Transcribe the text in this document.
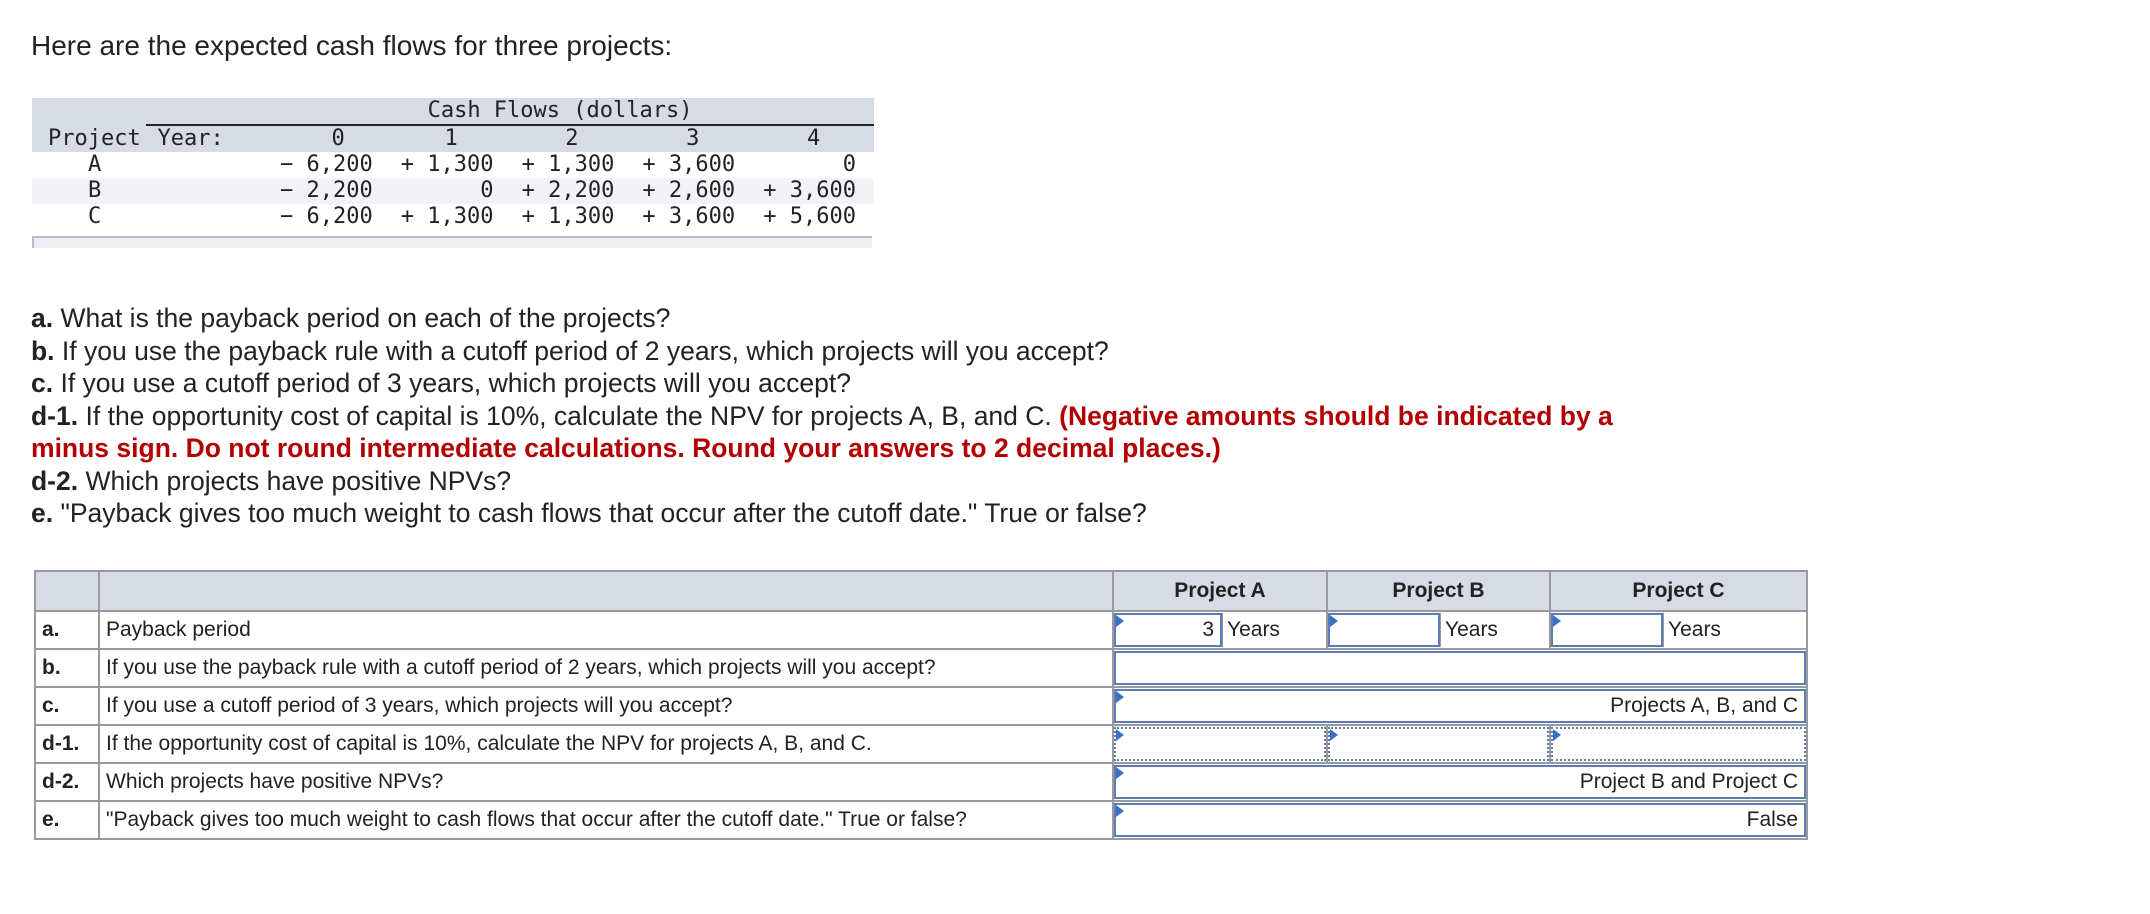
Here are the expected cash flows for three projects:
		Cash Flows (dollars)				
Project	Year:	0	1	2	3	4
A		− 6,200	+ 1,300	+ 1,300	+ 3,600	0
B		− 2,200	0	+ 2,200	+ 2,600	+ 3,600
C		− 6,200	+ 1,300	+ 1,300	+ 3,600	+ 5,600

a. What is the payback period on each of the projects?

b. If you use the payback rule with a cutoff period of 2 years, which projects will you accept?

c. If you use a cutoff period of 3 years, which projects will you accept?

d-1. If the opportunity cost of capital is 10%, calculate the NPV for projects A, B, and C. (Negative amounts should be indicated by a minus sign. Do not round intermediate calculations. Round your answers to 2 decimal places.)

d-2. Which projects have positive NPVs?

e. "Payback gives too much weight to cash flows that occur after the cutoff date." True or false?

		Project A	Project B	Project C
a.	Payback period	3 Years	Years	Years

b.	If you use the payback rule with a cutoff period of 2 years, which projects will you accept?			

c.	If you use a cutoff period of 3 years, which projects will you accept?	Projects A, B, and C		

d-1.	If the opportunity cost of capital is 10%, calculate the NPV for projects A, B, and C.	

d-2.	Which projects have positive NPVs?	Project B and Project C		

e.	"Payback gives too much weight to cash flows that occur after the cutoff date." True or false?	False		
